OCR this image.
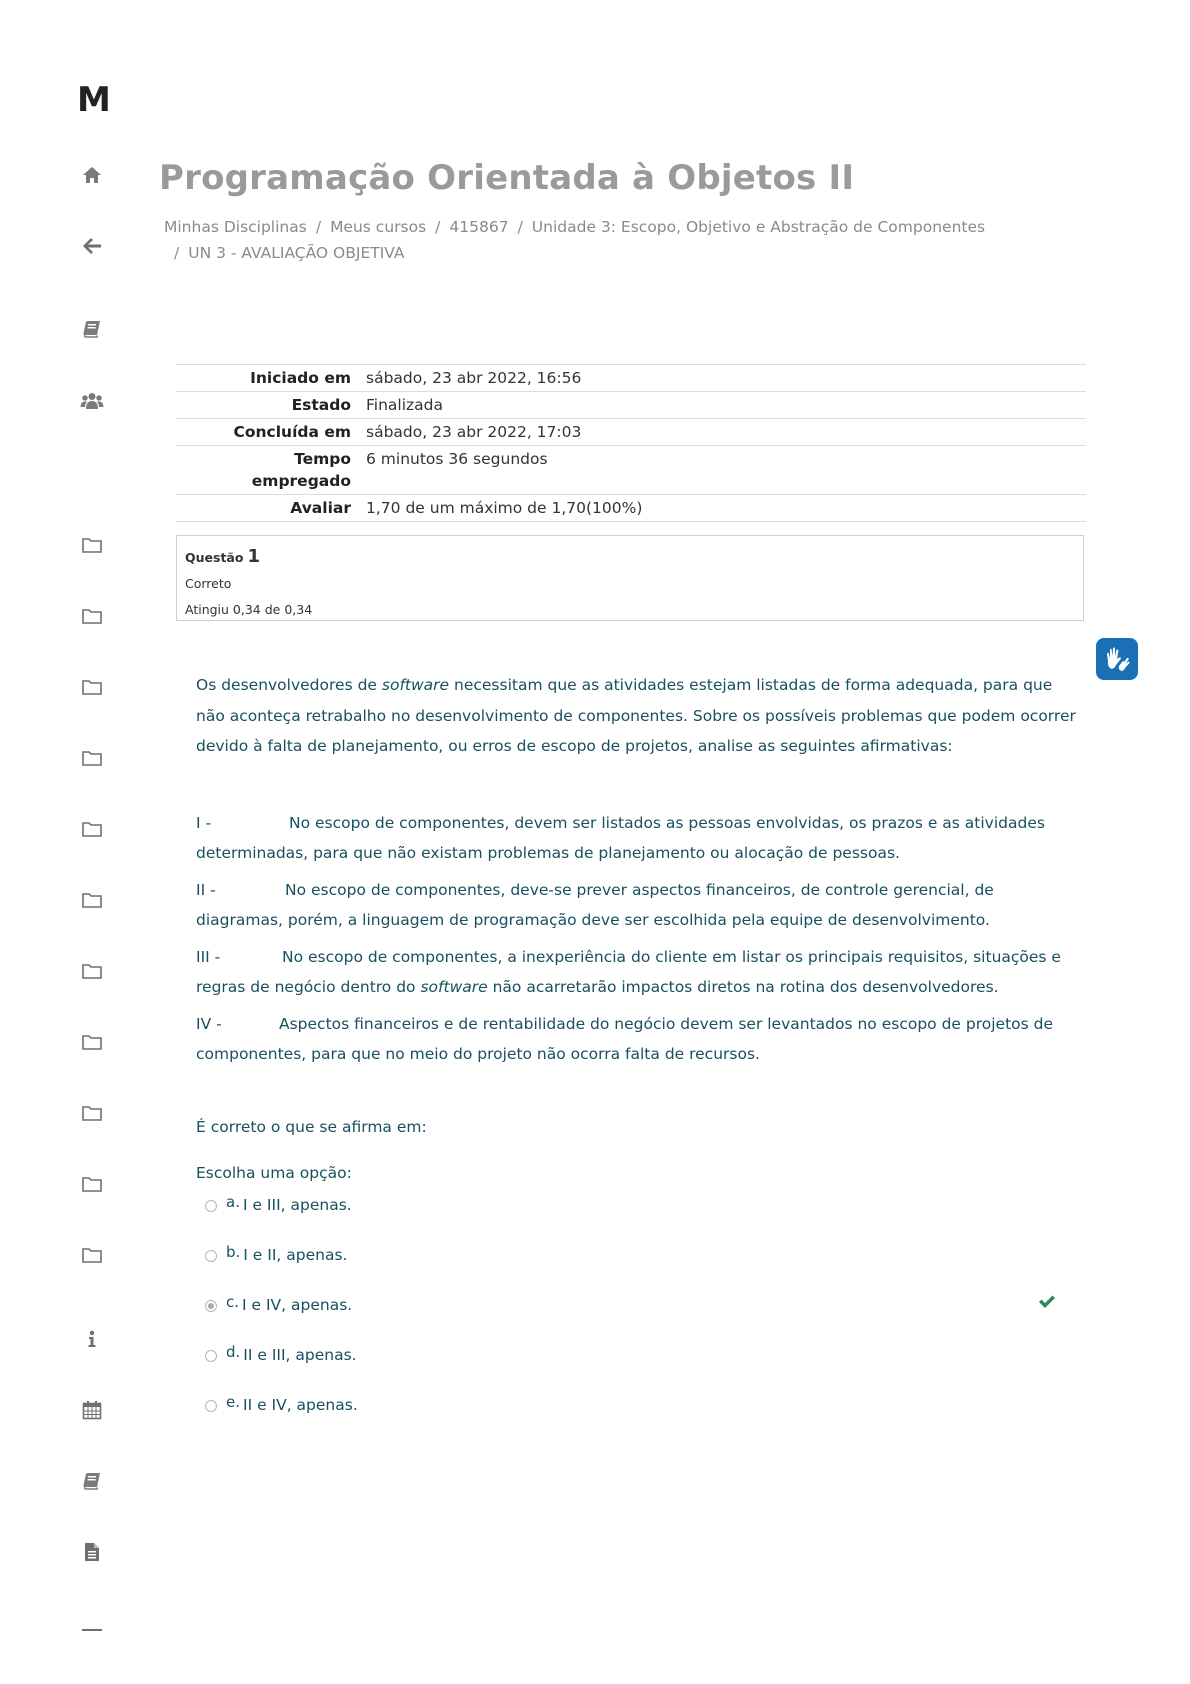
M
Programação Orientada à Objetos II
Minhas Disciplinas / Meus cursos / 415867 / Unidade 3: Escopo, Objetivo e Abstração de Componentes
/ UN 3 - AVALIAÇÃO OBJETIVA
Iniciado em	sábado, 23 abr 2022, 16:56
Estado	Finalizada
Concluída em	sábado, 23 abr 2022, 17:03
Tempo empregado	6 minutos 36 segundos
Avaliar	1,70 de um máximo de 1,70(100%)
Questão 1
Correto
Atingiu 0,34 de 0,34

Os desenvolvedores de software necessitam que as atividades estejam listadas de forma adequada, para que não aconteça retrabalho no desenvolvimento de componentes. Sobre os possíveis problemas que podem ocorrer devido à falta de planejamento, ou erros de escopo de projetos, analise as seguintes afirmativas:

I -	No escopo de componentes, devem ser listados as pessoas envolvidas, os prazos e as atividades determinadas, para que não existam problemas de planejamento ou alocação de pessoas.

II -	No escopo de componentes, deve-se prever aspectos financeiros, de controle gerencial, de diagramas, porém, a linguagem de programação deve ser escolhida pela equipe de desenvolvimento.

III -	No escopo de componentes, a inexperiência do cliente em listar os principais requisitos, situações e regras de negócio dentro do software não acarretarão impactos diretos na rotina dos desenvolvedores.

IV -	Aspectos financeiros e de rentabilidade do negócio devem ser levantados no escopo de projetos de componentes, para que no meio do projeto não ocorra falta de recursos.

É correto o que se afirma em:
Escolha uma opção:
a. I e III, apenas.
b. I e II, apenas.
c. I e IV, apenas.
d. II e III, apenas.
e. II e IV, apenas.
